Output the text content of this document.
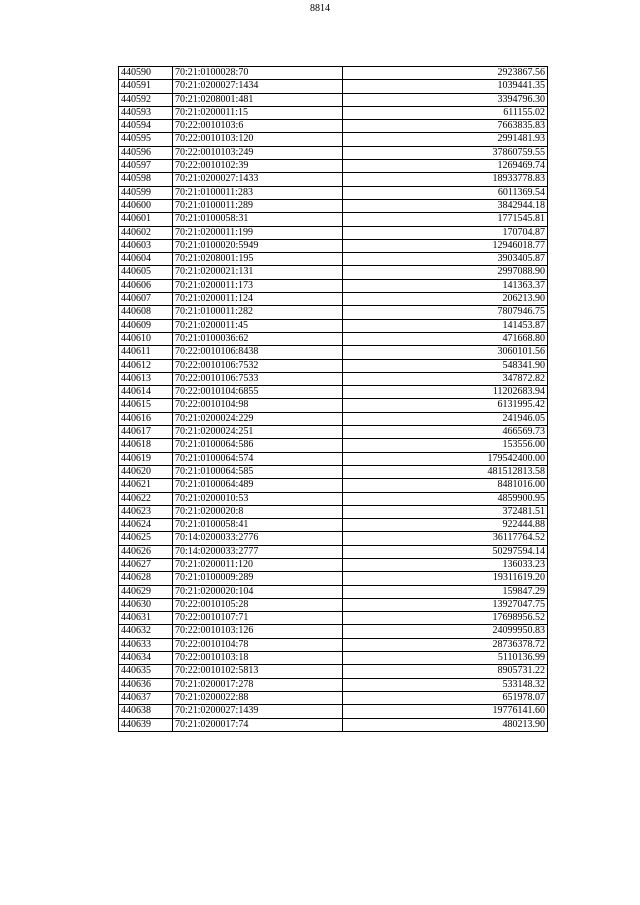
8814
440590	70:21:0100028:70	2923867.56
440591	70:21:0200027:1434	1039441.35
440592	70:21:0208001:481	3394796.30
440593	70:21:0200011:15	611155.02
440594	70:22:0010103:6	7663835.83
440595	70:22:0010103:120	2991481.93
440596	70:22:0010103:249	37860759.55
440597	70:22:0010102:39	1269469.74
440598	70:21:0200027:1433	18933778.83
440599	70:21:0100011:283	6011369.54
440600	70:21:0100011:289	3842944.18
440601	70:21:0100058:31	1771545.81
440602	70:21:0200011:199	170704.87
440603	70:21:0100020:5949	12946018.77
440604	70:21:0208001:195	3903405.87
440605	70:21:0200021:131	2997088.90
440606	70:21:0200011:173	141363.37
440607	70:21:0200011:124	206213.90
440608	70:21:0100011:282	7807946.75
440609	70:21:0200011:45	141453.87
440610	70:21:0100036:62	471668.80
440611	70:22:0010106:8438	3060101.56
440612	70:22:0010106:7532	548341.90
440613	70:22:0010106:7533	347872.82
440614	70:22:0010104:6855	11202683.94
440615	70:22:0010104:98	6131995.42
440616	70:21:0200024:229	241946.05
440617	70:21:0200024:251	466569.73
440618	70:21:0100064:586	153556.00
440619	70:21:0100064:574	179542400.00
440620	70:21:0100064:585	481512813.58
440621	70:21:0100064:489	8481016.00
440622	70:21:0200010:53	4859900.95
440623	70:21:0200020:8	372481.51
440624	70:21:0100058:41	922444.88
440625	70:14:0200033:2776	36117764.52
440626	70:14:0200033:2777	50297594.14
440627	70:21:0200011:120	136033.23
440628	70:21:0100009:289	19311619.20
440629	70:21:0200020:104	159847.29
440630	70:22:0010105:28	13927047.75
440631	70:22:0010107:71	17698956.52
440632	70:22:0010103:126	24099950.83
440633	70:22:0010104:78	28736378.72
440634	70:22:0010103:18	5110136.99
440635	70:22:0010102:5813	8905731.22
440636	70:21:0200017:278	533148.32
440637	70:21:0200022:88	651978.07
440638	70:21:0200027:1439	19776141.60
440639	70:21:0200017:74	480213.90
